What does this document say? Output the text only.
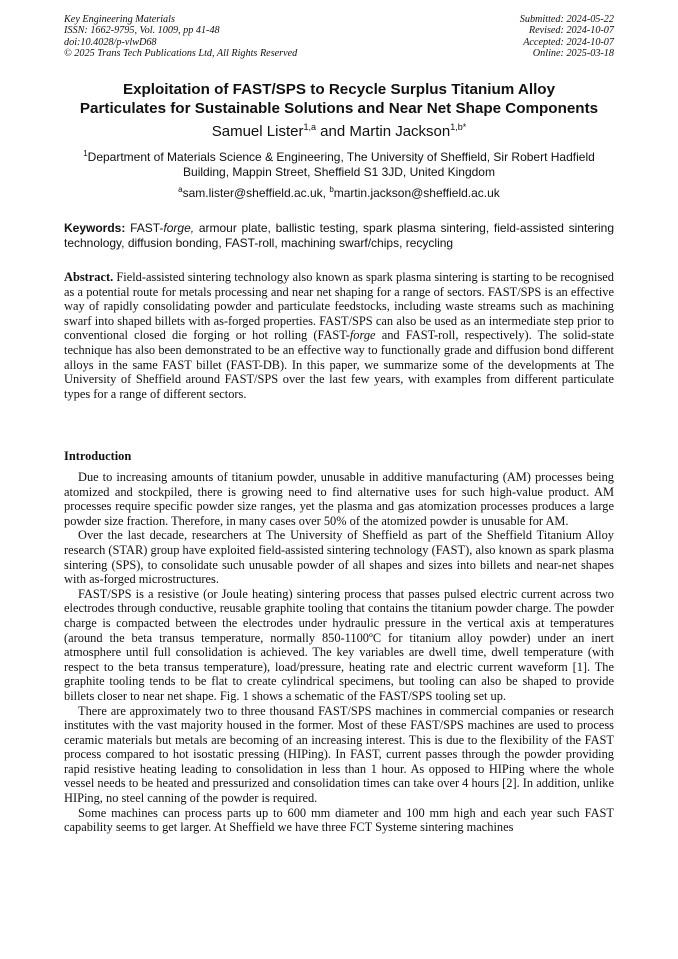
Key Engineering Materials
ISSN: 1662-9795, Vol. 1009, pp 41-48
doi:10.4028/p-vlwD68
© 2025 Trans Tech Publications Ltd, All Rights Reserved
Submitted: 2024-05-22
Revised: 2024-10-07
Accepted: 2024-10-07
Online: 2025-03-18
Exploitation of FAST/SPS to Recycle Surplus Titanium Alloy
Particulates for Sustainable Solutions and Near Net Shape Components
Samuel Lister$^{1,a}$ and Martin Jackson$^{1,b*}$
$^1$Department of Materials Science & Engineering, The University of Sheffield, Sir Robert Hadfield Building, Mappin Street, Sheffield S1 3JD, United Kingdom
$^a$sam.lister@sheffield.ac.uk, $^b$martin.jackson@sheffield.ac.uk
Keywords: FAST-forge, armour plate, ballistic testing, spark plasma sintering, field-assisted sintering technology, diffusion bonding, FAST-roll, machining swarf/chips, recycling
Abstract. Field-assisted sintering technology also known as spark plasma sintering is starting to be recognised as a potential route for metals processing and near net shaping for a range of sectors. FAST/SPS is an effective way of rapidly consolidating powder and particulate feedstocks, including waste streams such as machining swarf into shaped billets with as-forged properties. FAST/SPS can also be used as an intermediate step prior to conventional closed die forging or hot rolling (FAST-forge and FAST-roll, respectively). The solid-state technique has also been demonstrated to be an effective way to functionally grade and diffusion bond different alloys in the same FAST billet (FAST-DB). In this paper, we summarize some of the developments at The University of Sheffield around FAST/SPS over the last few years, with examples from different particulate types for a range of different sectors.
Introduction

Due to increasing amounts of titanium powder, unusable in additive manufacturing (AM) processes being atomized and stockpiled, there is growing need to find alternative uses for such high-value product. AM processes require specific powder size ranges, yet the plasma and gas atomization processes produces a large powder size fraction. Therefore, in many cases over 50% of the atomized powder is unusable for AM.

Over the last decade, researchers at The University of Sheffield as part of the Sheffield Titanium Alloy research (STAR) group have exploited field-assisted sintering technology (FAST), also known as spark plasma sintering (SPS), to consolidate such unusable powder of all shapes and sizes into billets and near-net shapes with as-forged microstructures.

FAST/SPS is a resistive (or Joule heating) sintering process that passes pulsed electric current across two electrodes through conductive, reusable graphite tooling that contains the titanium powder charge. The powder charge is compacted between the electrodes under hydraulic pressure in the vertical axis at temperatures (around the beta transus temperature, normally 850-1100ºC for titanium alloy powder) under an inert atmosphere until full consolidation is achieved. The key variables are dwell time, dwell temperature (with respect to the beta transus temperature), load/pressure, heating rate and electric current waveform [1]. The graphite tooling tends to be flat to create cylindrical specimens, but tooling can also be shaped to provide billets closer to near net shape. Fig. 1 shows a schematic of the FAST/SPS tooling set up.

There are approximately two to three thousand FAST/SPS machines in commercial companies or research institutes with the vast majority housed in the former. Most of these FAST/SPS machines are used to process ceramic materials but metals are becoming of an increasing interest. This is due to the flexibility of the FAST process compared to hot isostatic pressing (HIPing). In FAST, current passes through the powder providing rapid resistive heating leading to consolidation in less than 1 hour. As opposed to HIPing where the whole vessel needs to be heated and pressurized and consolidation times can take over 4 hours [2]. In addition, unlike HIPing, no steel canning of the powder is required.

Some machines can process parts up to 600 mm diameter and 100 mm high and each year such FAST capability seems to get larger. At Sheffield we have three FCT Systeme sintering machines
